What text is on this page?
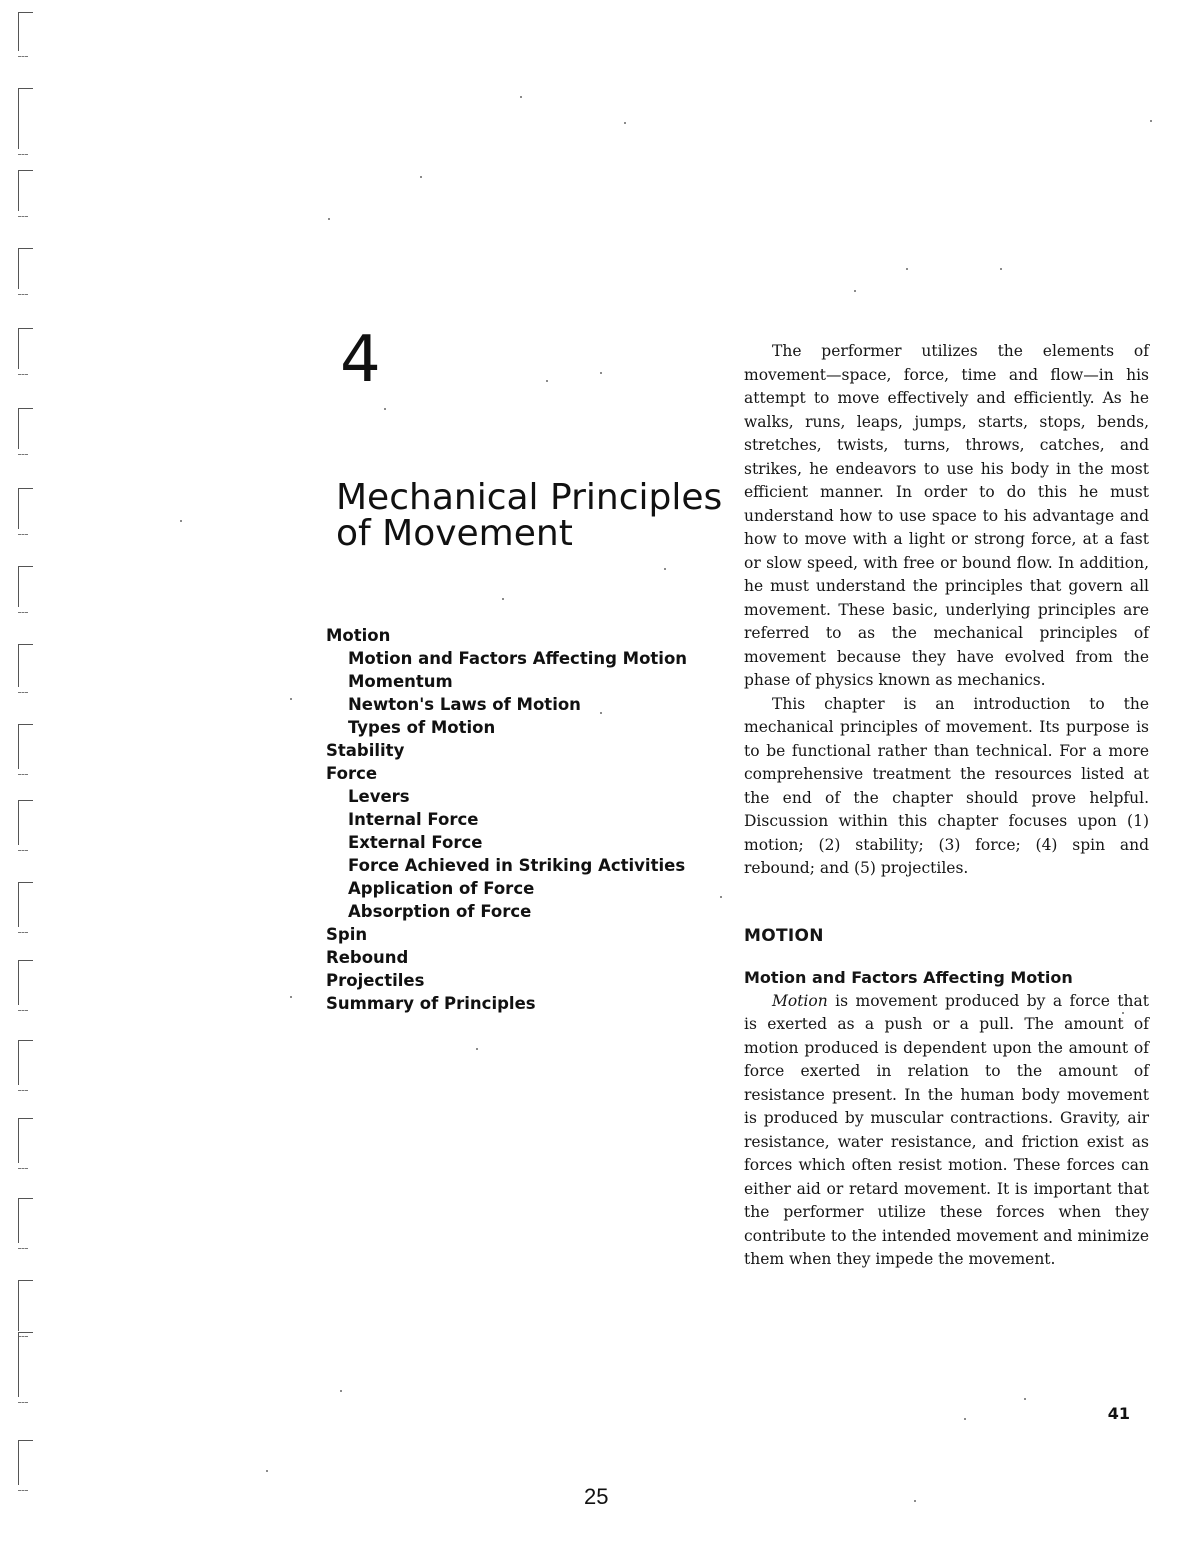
4
Mechanical Principles
of Movement
Motion
Motion and Factors Affecting Motion
Momentum
Newton's Laws of Motion
Types of Motion
Stability
Force
Levers
Internal Force
External Force
Force Achieved in Striking Activities
Application of Force
Absorption of Force
Spin
Rebound
Projectiles
Summary of Principles

The performer utilizes the elements of movement—space, force, time and flow—in his attempt to move effectively and efficiently. As he walks, runs, leaps, jumps, starts, stops, bends, stretches, twists, turns, throws, catches, and strikes, he endeavors to use his body in the most efficient manner. In order to do this he must understand how to use space to his advantage and how to move with a light or strong force, at a fast or slow speed, with free or bound flow. In addition, he must understand the principles that govern all movement. These basic, underlying principles are referred to as the mechanical principles of movement because they have evolved from the phase of physics known as mechanics.

This chapter is an introduction to the mechanical principles of movement. Its purpose is to be functional rather than technical. For a more comprehensive treatment the resources listed at the end of the chapter should prove helpful. Discussion within this chapter focuses upon (1) motion; (2) stability; (3) force; (4) spin and rebound; and (5) projectiles.

MOTION
Motion and Factors Affecting Motion

Motion is movement produced by a force that is exerted as a push or a pull. The amount of motion produced is dependent upon the amount of force exerted in relation to the amount of resistance present. In the human body movement is produced by muscular contractions. Gravity, air resistance, water resistance, and friction exist as forces which often resist motion. These forces can either aid or retard movement. It is important that the performer utilize these forces when they contribute to the intended movement and minimize them when they impede the movement.

41
25
